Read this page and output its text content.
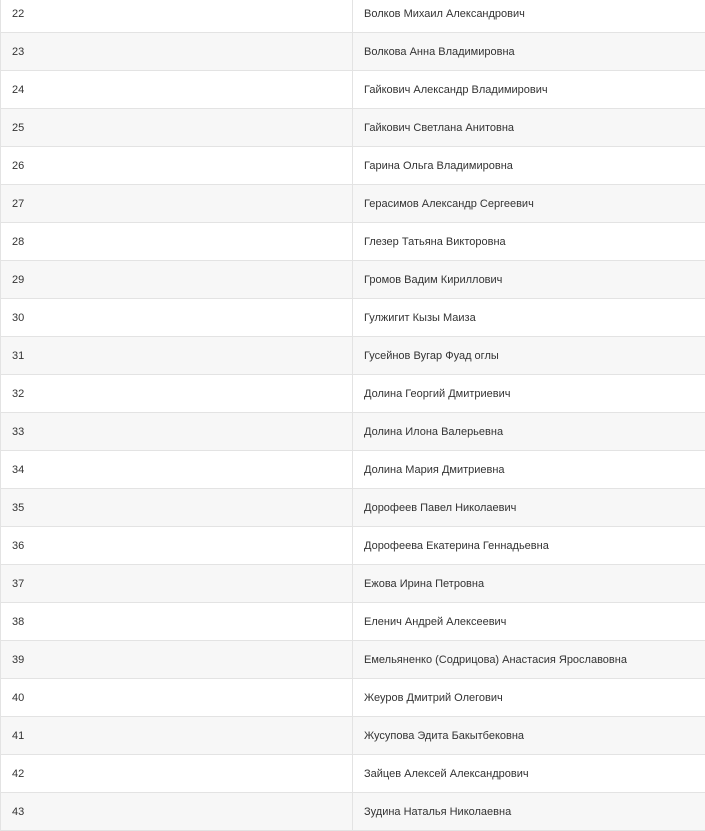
22	Волков Михаил Александрович
23	Волкова Анна Владимировна
24	Гайкович Александр Владимирович
25	Гайкович Светлана Анитовна
26	Гарина Ольга Владимировна
27	Герасимов Александр Сергеевич
28	Глезер Татьяна Викторовна
29	Громов Вадим Кириллович
30	Гулжигит Кызы Маиза
31	Гусейнов Вугар Фуад оглы
32	Долина Георгий Дмитриевич
33	Долина Илона Валерьевна
34	Долина Мария Дмитриевна
35	Дорофеев Павел Николаевич
36	Дорофеева Екатерина Геннадьевна
37	Ежова Ирина Петровна
38	Еленич Андрей Алексеевич
39	Емельяненко (Содрицова) Анастасия Ярославовна
40	Жеуров Дмитрий Олегович
41	Жусупова Эдита Бакытбековна
42	Зайцев Алексей Александрович
43	Зудина Наталья Николаевна
